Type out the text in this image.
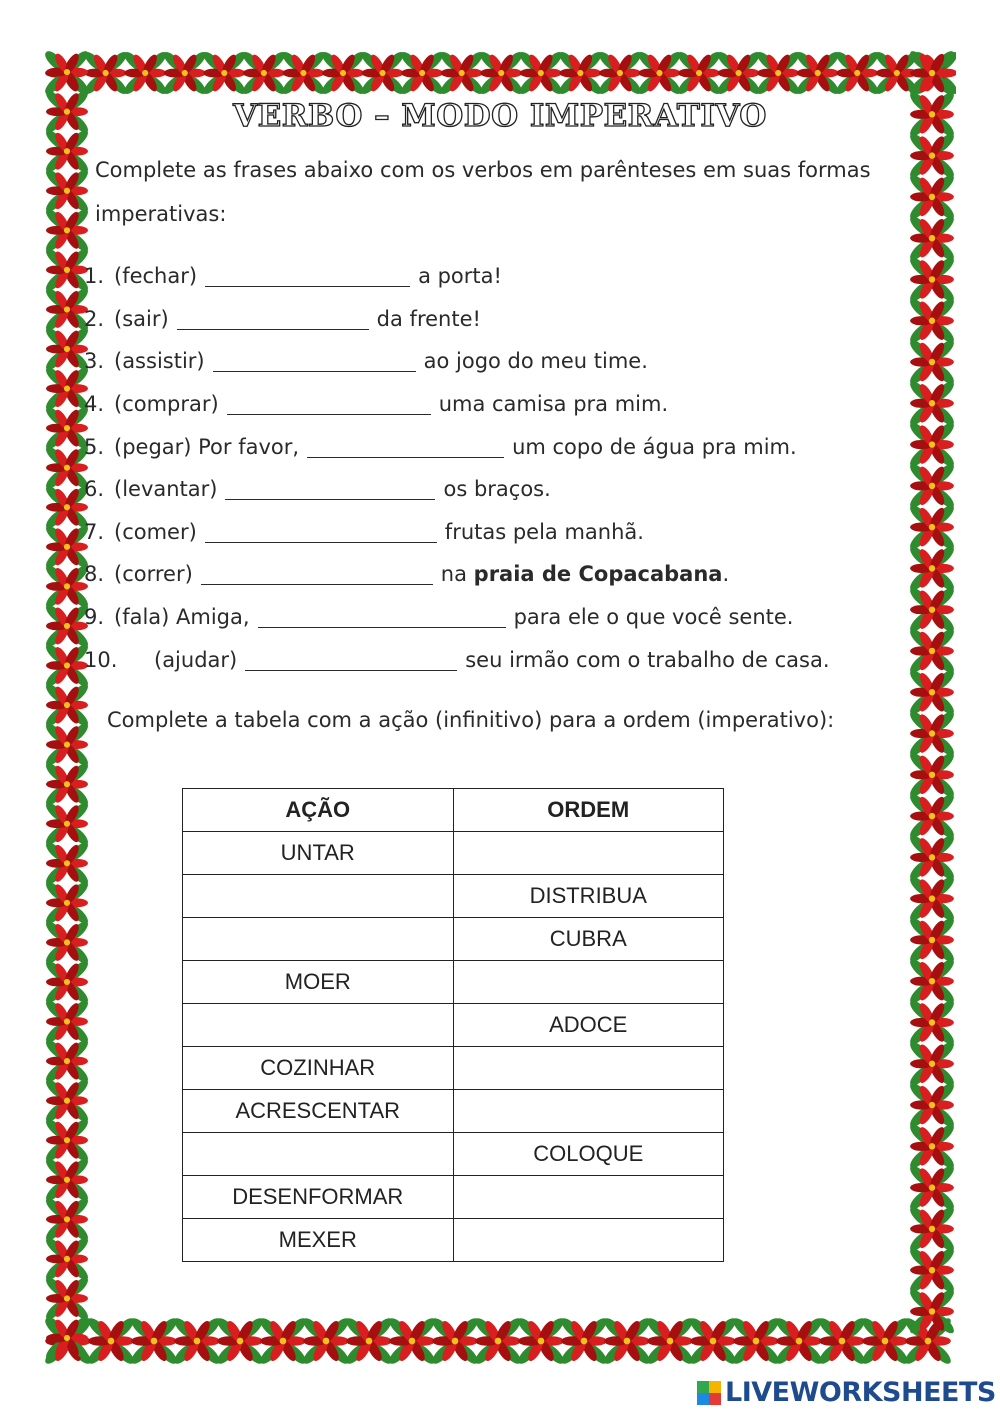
VERBO – MODO IMPERATIVO

Complete as frases abaixo com os verbos em parênteses em suas formas imperativas:

1. (fechar)	a porta!
2. (sair)	da frente!
3. (assistir)	ao jogo do meu time.
4. (comprar)	uma camisa pra mim.
5. (pegar) Por favor,	um copo de água pra mim.
6. (levantar)	os braços.
7. (comer)	frutas pela manhã.
8. (correr)	na
praia de Copacabana .
9. (fala) Amiga,	para ele o que você sente.
10.	(ajudar)	seu irmão com o trabalho de casa.

Complete a tabela com a ação (infinitivo) para a ordem (imperativo):

AÇÃO	ORDEM
UNTAR	
	DISTRIBUA
	CUBRA
MOER	
	ADOCE
COZINHAR	
ACRESCENTAR	
	COLOQUE
DESENFORMAR	
MEXER	
LIVEWORKSHEETS
